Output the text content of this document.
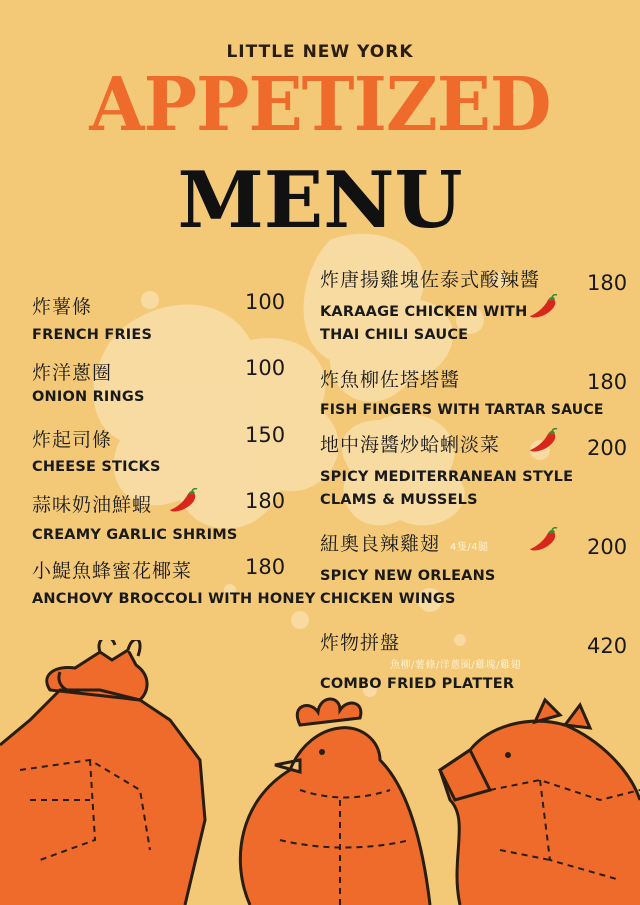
LITTLE NEW YORK
APPETIZED
MENU
炸薯條
FRENCH FRIES
100
炸洋蔥圈
ONION RINGS
100
炸起司條
CHEESE STICKS
150
蒜味奶油鮮蝦
CREAMY GARLIC SHRIMS
180
小鯷魚蜂蜜花椰菜
ANCHOVY BROCCOLI WITH HONEY
180
炸唐揚雞塊佐泰式酸辣醬
KARAAGE CHICKEN WITH
THAI CHILI SAUCE
180
炸魚柳佐塔塔醬
FISH FINGERS WITH TARTAR SAUCE
180
地中海醬炒蛤蜊淡菜
SPICY MEDITERRANEAN STYLE
CLAMS & MUSSELS
200
紐奧良辣雞翅 4隻/4腿
SPICY NEW ORLEANS
CHICKEN WINGS
200
炸物拼盤
魚柳/薯條/洋蔥圈/雞塊/雞翅
COMBO FRIED PLATTER
420
